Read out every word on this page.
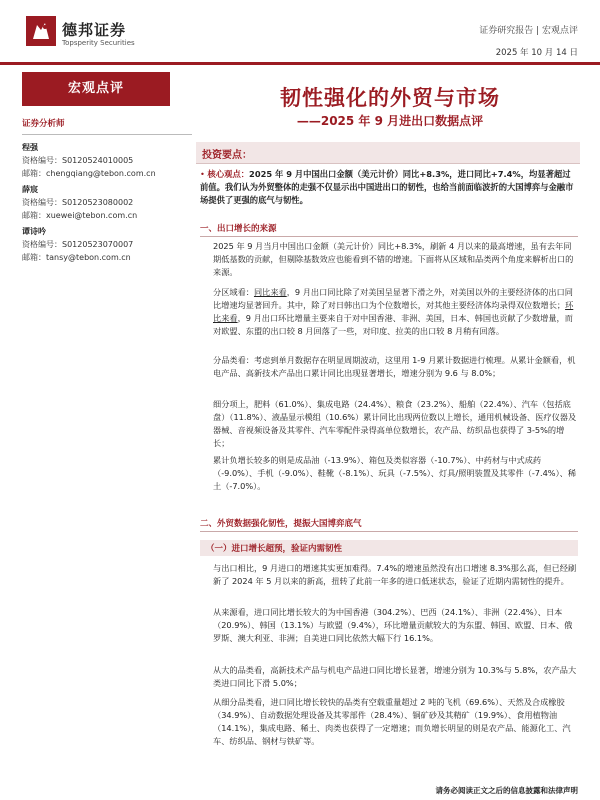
德邦证券
Topsperity Securities
证券研究报告 | 宏观点评
2025 年 10 月 14 日
宏观点评
证券分析师
程强
资格编号：S0120524010005
邮箱：chengqiang@tebon.com.cn
薛宸
资格编号：S0120523080002
邮箱：xuewei@tebon.com.cn
谭诗吟
资格编号：S0120523070007
邮箱：tansy@tebon.com.cn
韧性强化的外贸与市场
——2025 年 9 月进出口数据点评
投资要点：
• 核心观点：2025 年 9 月中国出口金额（美元计价）同比+8.3%，进口同比+7.4%，均显著超过前值。我们认为外贸整体的走强不仅显示出中国进出口的韧性，也给当前面临波折的大国博弈与金融市场提供了更强的底气与韧性。
一、出口增长的来源
2025 年 9 月当月中国出口金额（美元计价）同比+8.3%，刷新 4 月以来的最高增速，虽有去年同期低基数的贡献，但剔除基数效应也能看到不错的增速。下面将从区域和品类两个角度来解析出口的来源。
分区域看：同比来看，9 月出口同比除了对美国呈显著下滑之外，对美国以外的主要经济体的出口同比增速均显著回升。其中，除了对日韩出口为个位数增长，对其他主要经济体均录得双位数增长；环比来看，9 月出口环比增量主要来自于对中国香港、非洲、美国，日本、韩国也贡献了少数增量，而对欧盟、东盟的出口较 8 月回落了一些，对印度、拉美的出口较 8 月稍有回落。
分品类看：考虑到单月数据存在明显周期波动，这里用 1-9 月累计数据进行梳理。从累计金额看，机电产品、高新技术产品出口累计同比出现显著增长，增速分别为 9.6 与 8.0%；
细分项上，肥料（61.0%）、集成电路（24.4%）、粮食（23.2%）、船舶（22.4%）、汽车（包括底盘）（11.8%）、液晶显示模组（10.6%）累计同比出现两位数以上增长，通用机械设备、医疗仪器及器械、音视频设备及其零件、汽车零配件录得高单位数增长，农产品、纺织品也获得了 3-5%的增长；
累计负增长较多的则是成品油（-13.9%）、箱包及类似容器（-10.7%）、中药材与中式成药（-9.0%）、手机（-9.0%）、鞋靴（-8.1%）、玩具（-7.5%）、灯具/照明装置及其零件（-7.4%）、稀土（-7.0%）。
二、外贸数据强化韧性，提振大国博弈底气
（一）进口增长超预，验证内需韧性
与出口相比，9 月进口的增速其实更加难得。7.4%的增速虽然没有出口增速 8.3%那么高，但已经刷新了 2024 年 5 月以来的新高，扭转了此前一年多的进口低迷状态，验证了近期内需韧性的提升。
从来源看，进口同比增长较大的为中国香港（304.2%）、巴西（24.1%）、非洲（22.4%）、日本（20.9%）、韩国（13.1%）与欧盟（9.4%），环比增量贡献较大的为东盟、韩国、欧盟、日本、俄罗斯、澳大利亚、非洲；自美进口同比依然大幅下行 16.1%。
从大的品类看，高新技术产品与机电产品进口同比增长显著，增速分别为 10.3%与 5.8%，农产品大类进口同比下滑 5.0%；
从细分品类看，进口同比增长较快的品类有空载重量超过 2 吨的飞机（69.6%）、天然及合成橡胶（34.9%）、自动数据处理设备及其零部件（28.4%）、铜矿砂及其精矿（19.9%）、食用植物油（14.1%），集成电路、稀土、肉类也获得了一定增速；而负增长明显的则是农产品、能源化工、汽车、纺织品、钢材与铁矿等。
请务必阅读正文之后的信息披露和法律声明
